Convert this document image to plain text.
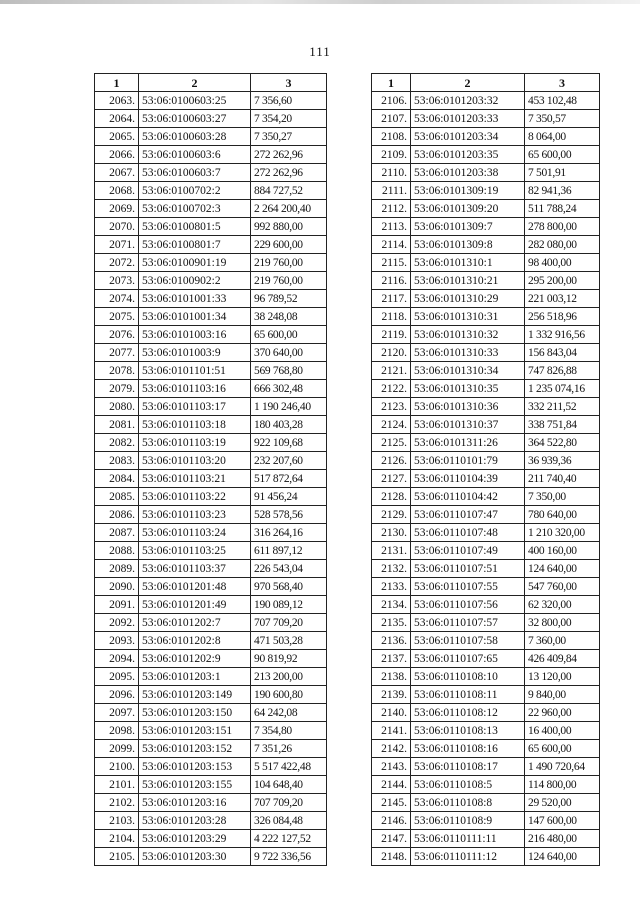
111
1	2	3
2063.	53:06:0100603:25	7 356,60
2064.	53:06:0100603:27	7 354,20
2065.	53:06:0100603:28	7 350,27
2066.	53:06:0100603:6	272 262,96
2067.	53:06:0100603:7	272 262,96
2068.	53:06:0100702:2	884 727,52
2069.	53:06:0100702:3	2 264 200,40
2070.	53:06:0100801:5	992 880,00
2071.	53:06:0100801:7	229 600,00
2072.	53:06:0100901:19	219 760,00
2073.	53:06:0100902:2	219 760,00
2074.	53:06:0101001:33	96 789,52
2075.	53:06:0101001:34	38 248,08
2076.	53:06:0101003:16	65 600,00
2077.	53:06:0101003:9	370 640,00
2078.	53:06:0101101:51	569 768,80
2079.	53:06:0101103:16	666 302,48
2080.	53:06:0101103:17	1 190 246,40
2081.	53:06:0101103:18	180 403,28
2082.	53:06:0101103:19	922 109,68
2083.	53:06:0101103:20	232 207,60
2084.	53:06:0101103:21	517 872,64
2085.	53:06:0101103:22	91 456,24
2086.	53:06:0101103:23	528 578,56
2087.	53:06:0101103:24	316 264,16
2088.	53:06:0101103:25	611 897,12
2089.	53:06:0101103:37	226 543,04
2090.	53:06:0101201:48	970 568,40
2091.	53:06:0101201:49	190 089,12
2092.	53:06:0101202:7	707 709,20
2093.	53:06:0101202:8	471 503,28
2094.	53:06:0101202:9	90 819,92
2095.	53:06:0101203:1	213 200,00
2096.	53:06:0101203:149	190 600,80
2097.	53:06:0101203:150	64 242,08
2098.	53:06:0101203:151	7 354,80
2099.	53:06:0101203:152	7 351,26
2100.	53:06:0101203:153	5 517 422,48
2101.	53:06:0101203:155	104 648,40
2102.	53:06:0101203:16	707 709,20
2103.	53:06:0101203:28	326 084,48
2104.	53:06:0101203:29	4 222 127,52
2105.	53:06:0101203:30	9 722 336,56
1	2	3
2106.	53:06:0101203:32	453 102,48
2107.	53:06:0101203:33	7 350,57
2108.	53:06:0101203:34	8 064,00
2109.	53:06:0101203:35	65 600,00
2110.	53:06:0101203:38	7 501,91
2111.	53:06:0101309:19	82 941,36
2112.	53:06:0101309:20	511 788,24
2113.	53:06:0101309:7	278 800,00
2114.	53:06:0101309:8	282 080,00
2115.	53:06:0101310:1	98 400,00
2116.	53:06:0101310:21	295 200,00
2117.	53:06:0101310:29	221 003,12
2118.	53:06:0101310:31	256 518,96
2119.	53:06:0101310:32	1 332 916,56
2120.	53:06:0101310:33	156 843,04
2121.	53:06:0101310:34	747 826,88
2122.	53:06:0101310:35	1 235 074,16
2123.	53:06:0101310:36	332 211,52
2124.	53:06:0101310:37	338 751,84
2125.	53:06:0101311:26	364 522,80
2126.	53:06:0110101:79	36 939,36
2127.	53:06:0110104:39	211 740,40
2128.	53:06:0110104:42	7 350,00
2129.	53:06:0110107:47	780 640,00
2130.	53:06:0110107:48	1 210 320,00
2131.	53:06:0110107:49	400 160,00
2132.	53:06:0110107:51	124 640,00
2133.	53:06:0110107:55	547 760,00
2134.	53:06:0110107:56	62 320,00
2135.	53:06:0110107:57	32 800,00
2136.	53:06:0110107:58	7 360,00
2137.	53:06:0110107:65	426 409,84
2138.	53:06:0110108:10	13 120,00
2139.	53:06:0110108:11	9 840,00
2140.	53:06:0110108:12	22 960,00
2141.	53:06:0110108:13	16 400,00
2142.	53:06:0110108:16	65 600,00
2143.	53:06:0110108:17	1 490 720,64
2144.	53:06:0110108:5	114 800,00
2145.	53:06:0110108:8	29 520,00
2146.	53:06:0110108:9	147 600,00
2147.	53:06:0110111:11	216 480,00
2148.	53:06:0110111:12	124 640,00
